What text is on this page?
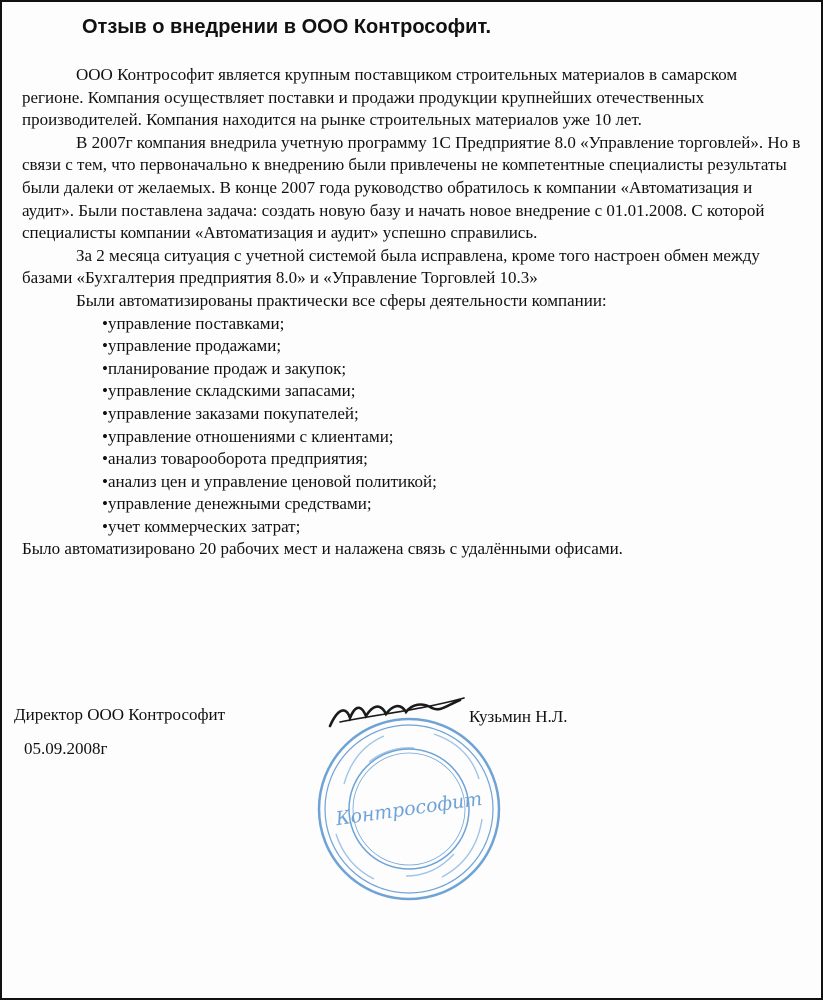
Отзыв о внедрении в ООО Контрософит.

ООО Контрософит является крупным поставщиком строительных материалов в самарском регионе. Компания осуществляет поставки и продажи продукции крупнейших отечественных производителей. Компания находится на рынке строительных материалов уже 10 лет.

В 2007г компания внедрила учетную программу 1С Предприятие 8.0 «Управление торговлей». Но в связи с тем, что первоначально к внедрению были привлечены не компетентные специалисты результаты были далеки от желаемых. В конце 2007 года руководство обратилось к компании «Автоматизация и аудит». Были поставлена задача: создать новую базу и начать новое внедрение с 01.01.2008. С которой специалисты компании «Автоматизация и аудит» успешно справились.

За 2 месяца ситуация с учетной системой была исправлена, кроме того настроен обмен между базами «Бухгалтерия предприятия 8.0» и «Управление Торговлей 10.3»

Были автоматизированы практически все сферы деятельности компании:

• управление поставками;
• управление продажами;
• планирование продаж и закупок;
• управление складскими запасами;
• управление заказами покупателей;
• управление отношениями с клиентами;
• анализ товарооборота предприятия;
• анализ цен и управление ценовой политикой;
• управление денежными средствами;
• учет коммерческих затрат;

Было автоматизировано 20 рабочих мест и налажена связь с удалёнными офисами.

Директор ООО Контрософит
05.09.2008г
Кузьмин Н.Л.
Контрософит
